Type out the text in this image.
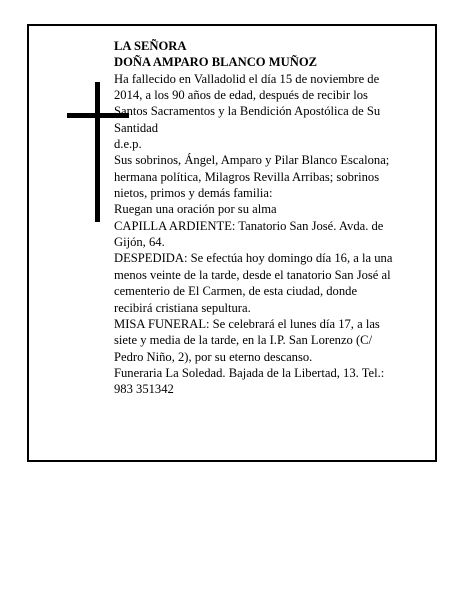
LA SEÑORA
DOÑA AMPARO BLANCO MUÑOZ
Ha fallecido en Valladolid el día 15 de noviembre de
2014, a los 90 años de edad, después de recibir los
Santos Sacramentos y la Bendición Apostólica de Su
Santidad
d.e.p.
Sus sobrinos, Ángel, Amparo y Pilar Blanco Escalona;
hermana política, Milagros Revilla Arribas; sobrinos
nietos, primos y demás familia:
Ruegan una oración por su alma
CAPILLA ARDIENTE: Tanatorio San José. Avda. de
Gijón, 64.
DESPEDIDA: Se efectúa hoy domingo día 16, a la una
menos veinte de la tarde, desde el tanatorio San José al
cementerio de El Carmen, de esta ciudad, donde
recibirá cristiana sepultura.
MISA FUNERAL: Se celebrará el lunes día 17, a las
siete y media de la tarde, en la I.P. San Lorenzo (C/
Pedro Niño, 2), por su eterno descanso.
Funeraria La Soledad. Bajada de la Libertad, 13. Tel.:
983 351342
